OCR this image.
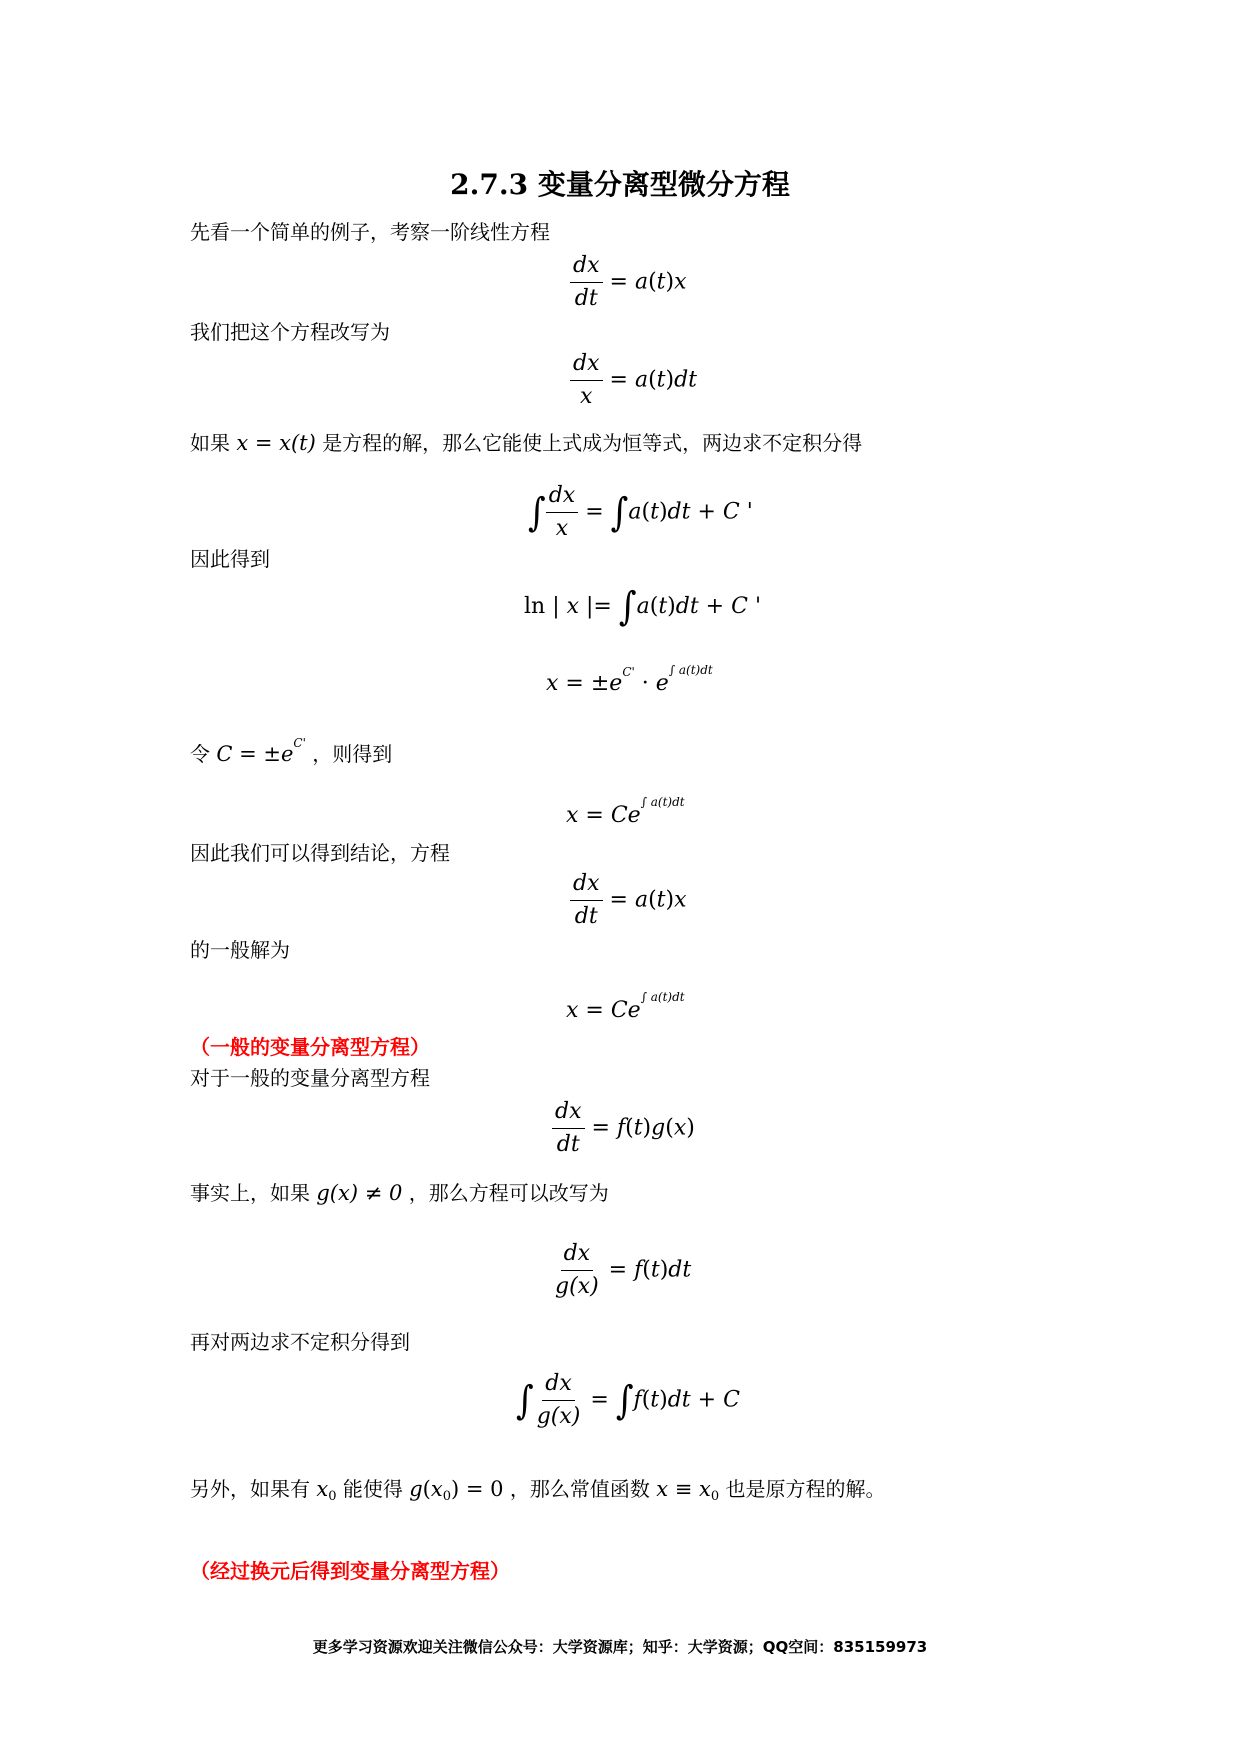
2.7.3 变量分离型微分方程
先看一个简单的例子，考察一阶线性方程
$\frac{dx}{dt} = a(t)x$
我们把这个方程改写为
$\frac{dx}{x} = a(t)dt$
如果 x = x(t) 是方程的解，那么它能使上式成为恒等式，两边求不定积分得
∫ $\frac{dx}{x} = \int a(t)dt + C$ '
因此得到
ln | x |= ∫a(t)dt + C '
$x = \pm e^{C'} \cdot e^{\int a(t)dt}$
令 $C = \pm e^{C'}$ ，则得到
$x = Ce^{\int a(t)dt}$
因此我们可以得到结论，方程
$\frac{dx}{dt} = a(t)x$
的一般解为
$x = Ce^{\int a(t)dt}$
（一般的变量分离型方程）
对于一般的变量分离型方程
$\frac{dx}{dt} = f(t)g(x)$
事实上，如果 g(x) ≠ 0 ，那么方程可以改写为
$\frac{dx}{g(x)} = f(t)dt$
再对两边求不定积分得到
∫ $\frac{dx}{g(x)} = \int f(t)dt + C$
另外，如果有 $x_0$ 能使得 $g(x_0) = 0$ ，那么常值函数 $x \equiv x_0$ 也是原方程的解。
（经过换元后得到变量分离型方程）
更多学习资源欢迎关注微信公众号：大学资源库；知乎：大学资源；QQ空间：835159973
